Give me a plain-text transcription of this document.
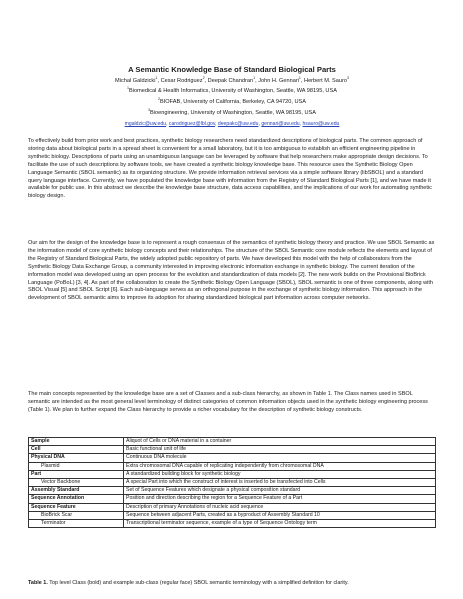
A Semantic Knowledge Base of Standard Biological Parts
Michal Galdzicki$^1$, Cesar Rodriguez$^2$, Deepak Chandran$^1$, John H. Gennari$^1$, Herbert M. Sauro$^3$
$^1$Biomedical & Health Informatics, University of Washington, Seattle, WA 98195, USA
$^2$BIOFAB, University of California, Berkeley, CA 94720, USA
$^3$Bioengineering, University of Washington, Seattle, WA 98195, USA
mgaldzic@uw.edu, carodriguez@lbl.gov, deepakc@uw.edu, gennari@uw.edu, hsauro@uw.edu

To effectively build from prior work and best practices, synthetic biology researchers need standardized descriptions of biological parts. The common approach of storing data about biological parts in a spread sheet is convenient for a small laboratory, but it is too ambiguous to establish an efficient engineering pipeline in synthetic biology. Descriptions of parts using an unambiguous language can be leveraged by software that help researchers make appropriate design decisions. To facilitate the use of such descriptions by software tools, we have created a synthetic biology knowledge base. This resource uses the Synthetic Biology Open Language Semantic (SBOL semantic) as its organizing structure. We provide information retrieval services via a simple software library (libSBOL) and a standard query language interface. Currently, we have populated the knowledge base with information from the Registry of Standard Biological Parts [1], and we have made it available for public use. In this abstract we describe the knowledge base structure, data access capabilities, and the implications of our work for automating synthetic biology design.

Our aim for the design of the knowledge base is to represent a rough consensus of the semantics of synthetic biology theory and practice. We use SBOL Semantic as the information model of core synthetic biology concepts and their relationships. The structure of the SBOL Semantic core module reflects the elements and layout of the Registry of Standard Biological Parts, the widely adopted public repository of parts. We have developed this model with the help of collaborators from the Synthetic Biology Data Exchange Group, a community interested in improving electronic information exchange in synthetic biology. The current iteration of the information model was developed using an open process for the evolution and standardization of data models [2]. The new work builds on the Provisional BioBrick Language (PoBoL) [3, 4]. As part of the collaboration to create the Synthetic Biology Open Language (SBOL), SBOL semantic is one of three components, along with SBOL Visual [5] and SBOL Script [6]. Each sub-language serves as an orthogonal purpose in the exchange of synthetic biology information. This approach in the development of SBOL semantic aims to improve its adoption for sharing standardized biological part information across computer networks.

The main concepts represented by the knowledge base are a set of Classes and a sub-class hierarchy, as shown in Table 1. The Class names used in SBOL semantic are intended as the most general level terminology of distinct categories of common information objects used in the synthetic biology engineering process (Table 1). We plan to further expand the Class hierarchy to provide a richer vocabulary for the description of synthetic biology constructs.

Sample	Aliquot of Cells or DNA material in a container
Cell	Basic functional unit of life
Physical DNA	Continuous DNA molecule
Plasmid	Extra chromosomal DNA capable of replicating independently from chromosomal DNA
Part	A standardized building block for synthetic biology
Vector Backbone	A special Part into which the construct of interest is inserted to be transfected into Cells
Assembly Standard	Set of Sequence Features which designate a physical composition standard
Sequence Annotation	Position and direction describing the region for a Sequence Feature of a Part
Sequence Feature	Description of primary Annotations of nucleic acid sequence
BioBrick Scar	Sequence between adjacent Parts, created as a byproduct of Assembly Standard 10
Terminator	Transcriptional terminator sequence, example of a type of Sequence Ontology term
Table 1. Top level Class (bold) and example sub-class (regular face) SBOL semantic terminology with a simplified definition for clarity.
